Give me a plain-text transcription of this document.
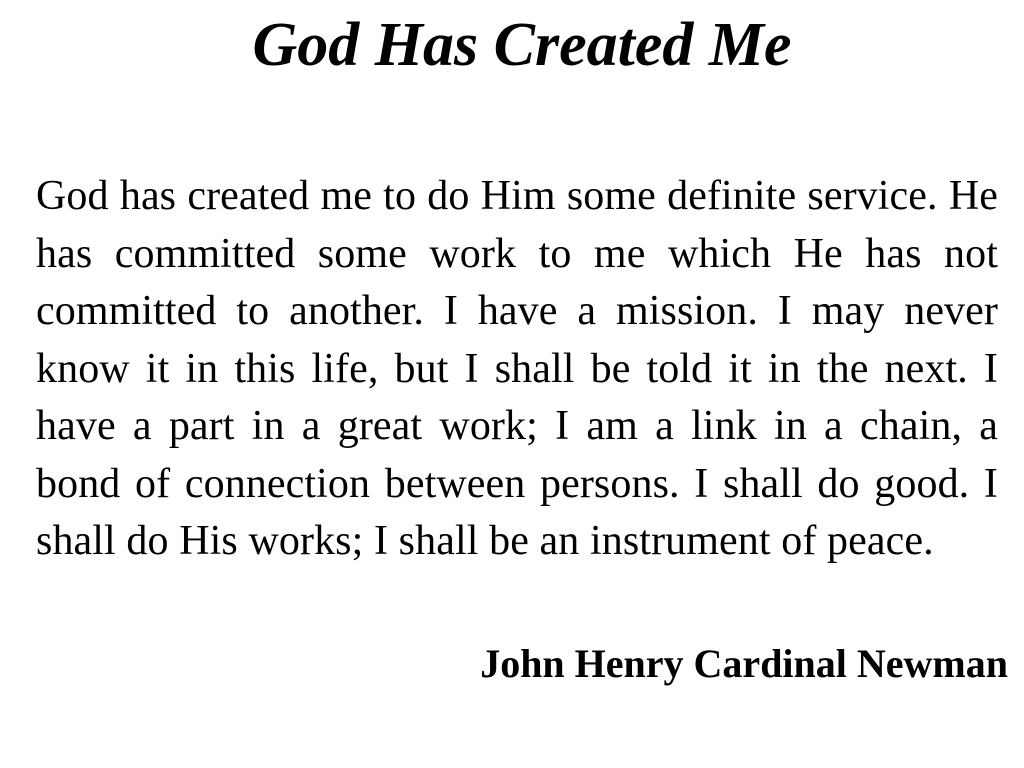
God Has Created Me

God has created me to do Him some definite service. He has committed some work to me which He has not committed to another. I have a mission. I may never know it in this life, but I shall be told it in the next. I have a part in a great work; I am a link in a chain, a bond of connection between persons. I shall do good. I shall do His works; I shall be an instrument of peace.

John Henry Cardinal Newman
